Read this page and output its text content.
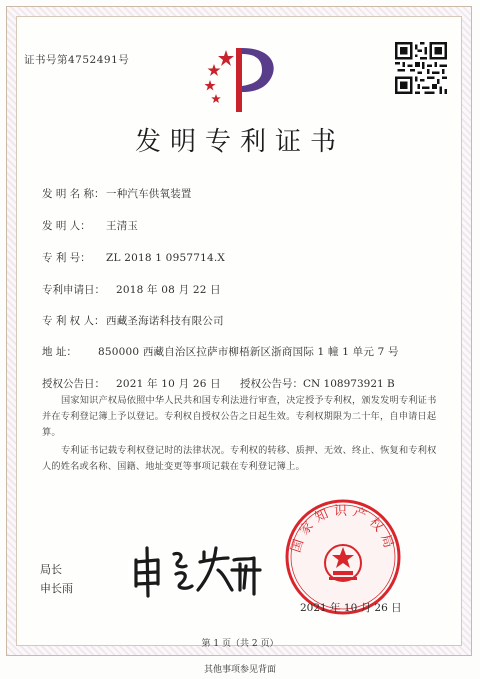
证书号第4752491号
发明专利证书
发 明 名 称：一种汽车供氧装置
发 明 人： 王清玉
专 利 号： ZL 2018 1 0957714.X
专利申请日： 2018 年 08 月 22 日
专 利 权 人：西藏圣海诺科技有限公司
地 址： 850000 西藏自治区拉萨市柳梧新区浙商国际 1 幢 1 单元 7 号
授权公告日： 2021 年 10 月 26 日 授权公告号：CN 108973921 B
国家知识产权局依照中华人民共和国专利法进行审查，决定授予专利权，颁发发明专利证书并在专利登记簿上予以登记。专利权自授权公告之日起生效。专利权期限为二十年，自申请日起算。
专利证书记载专利权登记时的法律状况。专利权的转移、质押、无效、终止、恢复和专利权人的姓名或名称、国籍、地址变更等事项记载在专利登记簿上。
局长
申长雨
国家知识产权局
2021 年 10 月 26 日
第 1 页（共 2 页）
其他事项参见背面
